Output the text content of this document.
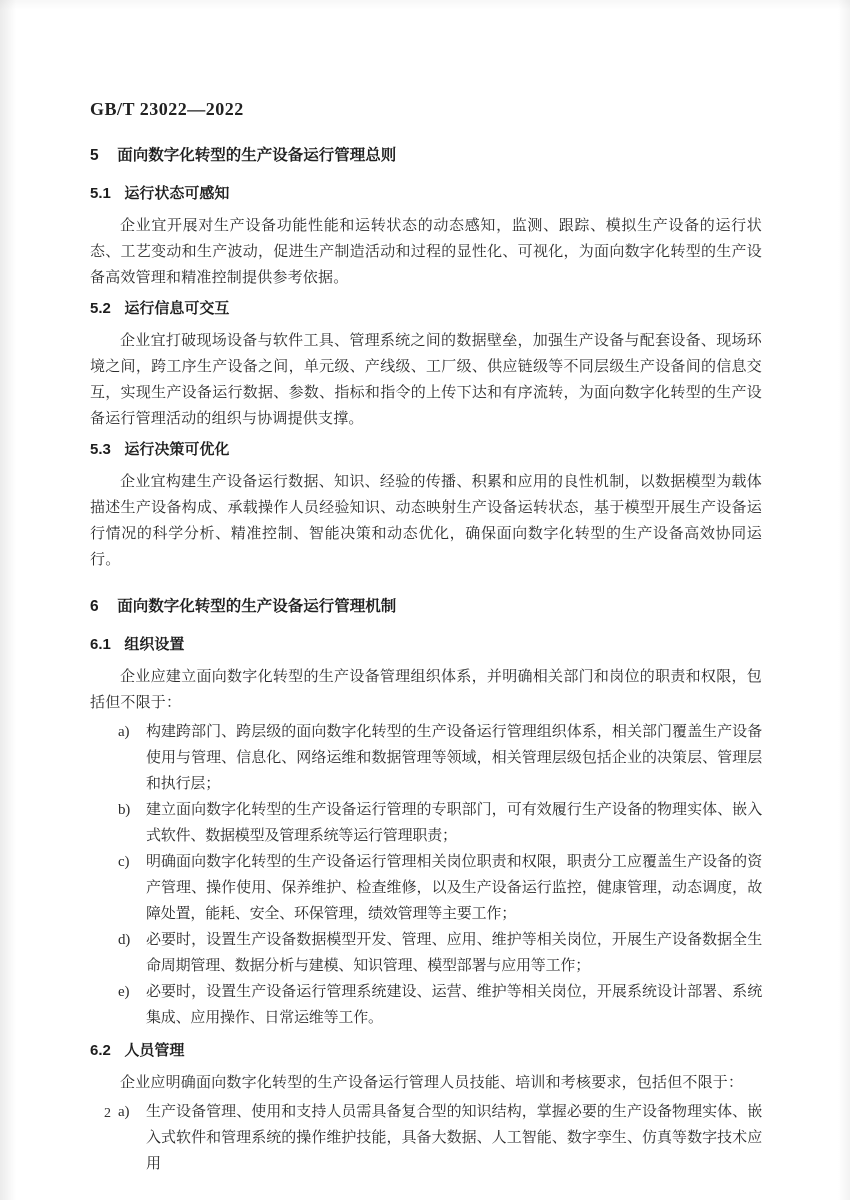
GB/T 23022—2022
5 面向数字化转型的生产设备运行管理总则
5.1 运行状态可感知
企业宜开展对生产设备功能性能和运转状态的动态感知，监测、跟踪、模拟生产设备的运行状态、工艺变动和生产波动，促进生产制造活动和过程的显性化、可视化，为面向数字化转型的生产设备高效管理和精准控制提供参考依据。
5.2 运行信息可交互
企业宜打破现场设备与软件工具、管理系统之间的数据壁垒，加强生产设备与配套设备、现场环境之间，跨工序生产设备之间，单元级、产线级、工厂级、供应链级等不同层级生产设备间的信息交互，实现生产设备运行数据、参数、指标和指令的上传下达和有序流转，为面向数字化转型的生产设备运行管理活动的组织与协调提供支撑。
5.3 运行决策可优化
企业宜构建生产设备运行数据、知识、经验的传播、积累和应用的良性机制，以数据模型为载体描述生产设备构成、承载操作人员经验知识、动态映射生产设备运转状态，基于模型开展生产设备运行情况的科学分析、精准控制、智能决策和动态优化，确保面向数字化转型的生产设备高效协同运行。
6 面向数字化转型的生产设备运行管理机制
6.1 组织设置
企业应建立面向数字化转型的生产设备管理组织体系，并明确相关部门和岗位的职责和权限，包括但不限于：
a)	构建跨部门、跨层级的面向数字化转型的生产设备运行管理组织体系，相关部门覆盖生产设备使用与管理、信息化、网络运维和数据管理等领域，相关管理层级包括企业的决策层、管理层和执行层；
b)	建立面向数字化转型的生产设备运行管理的专职部门，可有效履行生产设备的物理实体、嵌入式软件、数据模型及管理系统等运行管理职责；
c)	明确面向数字化转型的生产设备运行管理相关岗位职责和权限，职责分工应覆盖生产设备的资产管理、操作使用、保养维护、检查维修，以及生产设备运行监控，健康管理，动态调度，故障处置，能耗、安全、环保管理，绩效管理等主要工作；
d)	必要时，设置生产设备数据模型开发、管理、应用、维护等相关岗位，开展生产设备数据全生命周期管理、数据分析与建模、知识管理、模型部署与应用等工作；
e)	必要时，设置生产设备运行管理系统建设、运营、维护等相关岗位，开展系统设计部署、系统集成、应用操作、日常运维等工作。
6.2 人员管理
企业应明确面向数字化转型的生产设备运行管理人员技能、培训和考核要求，包括但不限于：
a)	生产设备管理、使用和支持人员需具备复合型的知识结构，掌握必要的生产设备物理实体、嵌入式软件和管理系统的操作维护技能，具备大数据、人工智能、数字孪生、仿真等数字技术应用
2
